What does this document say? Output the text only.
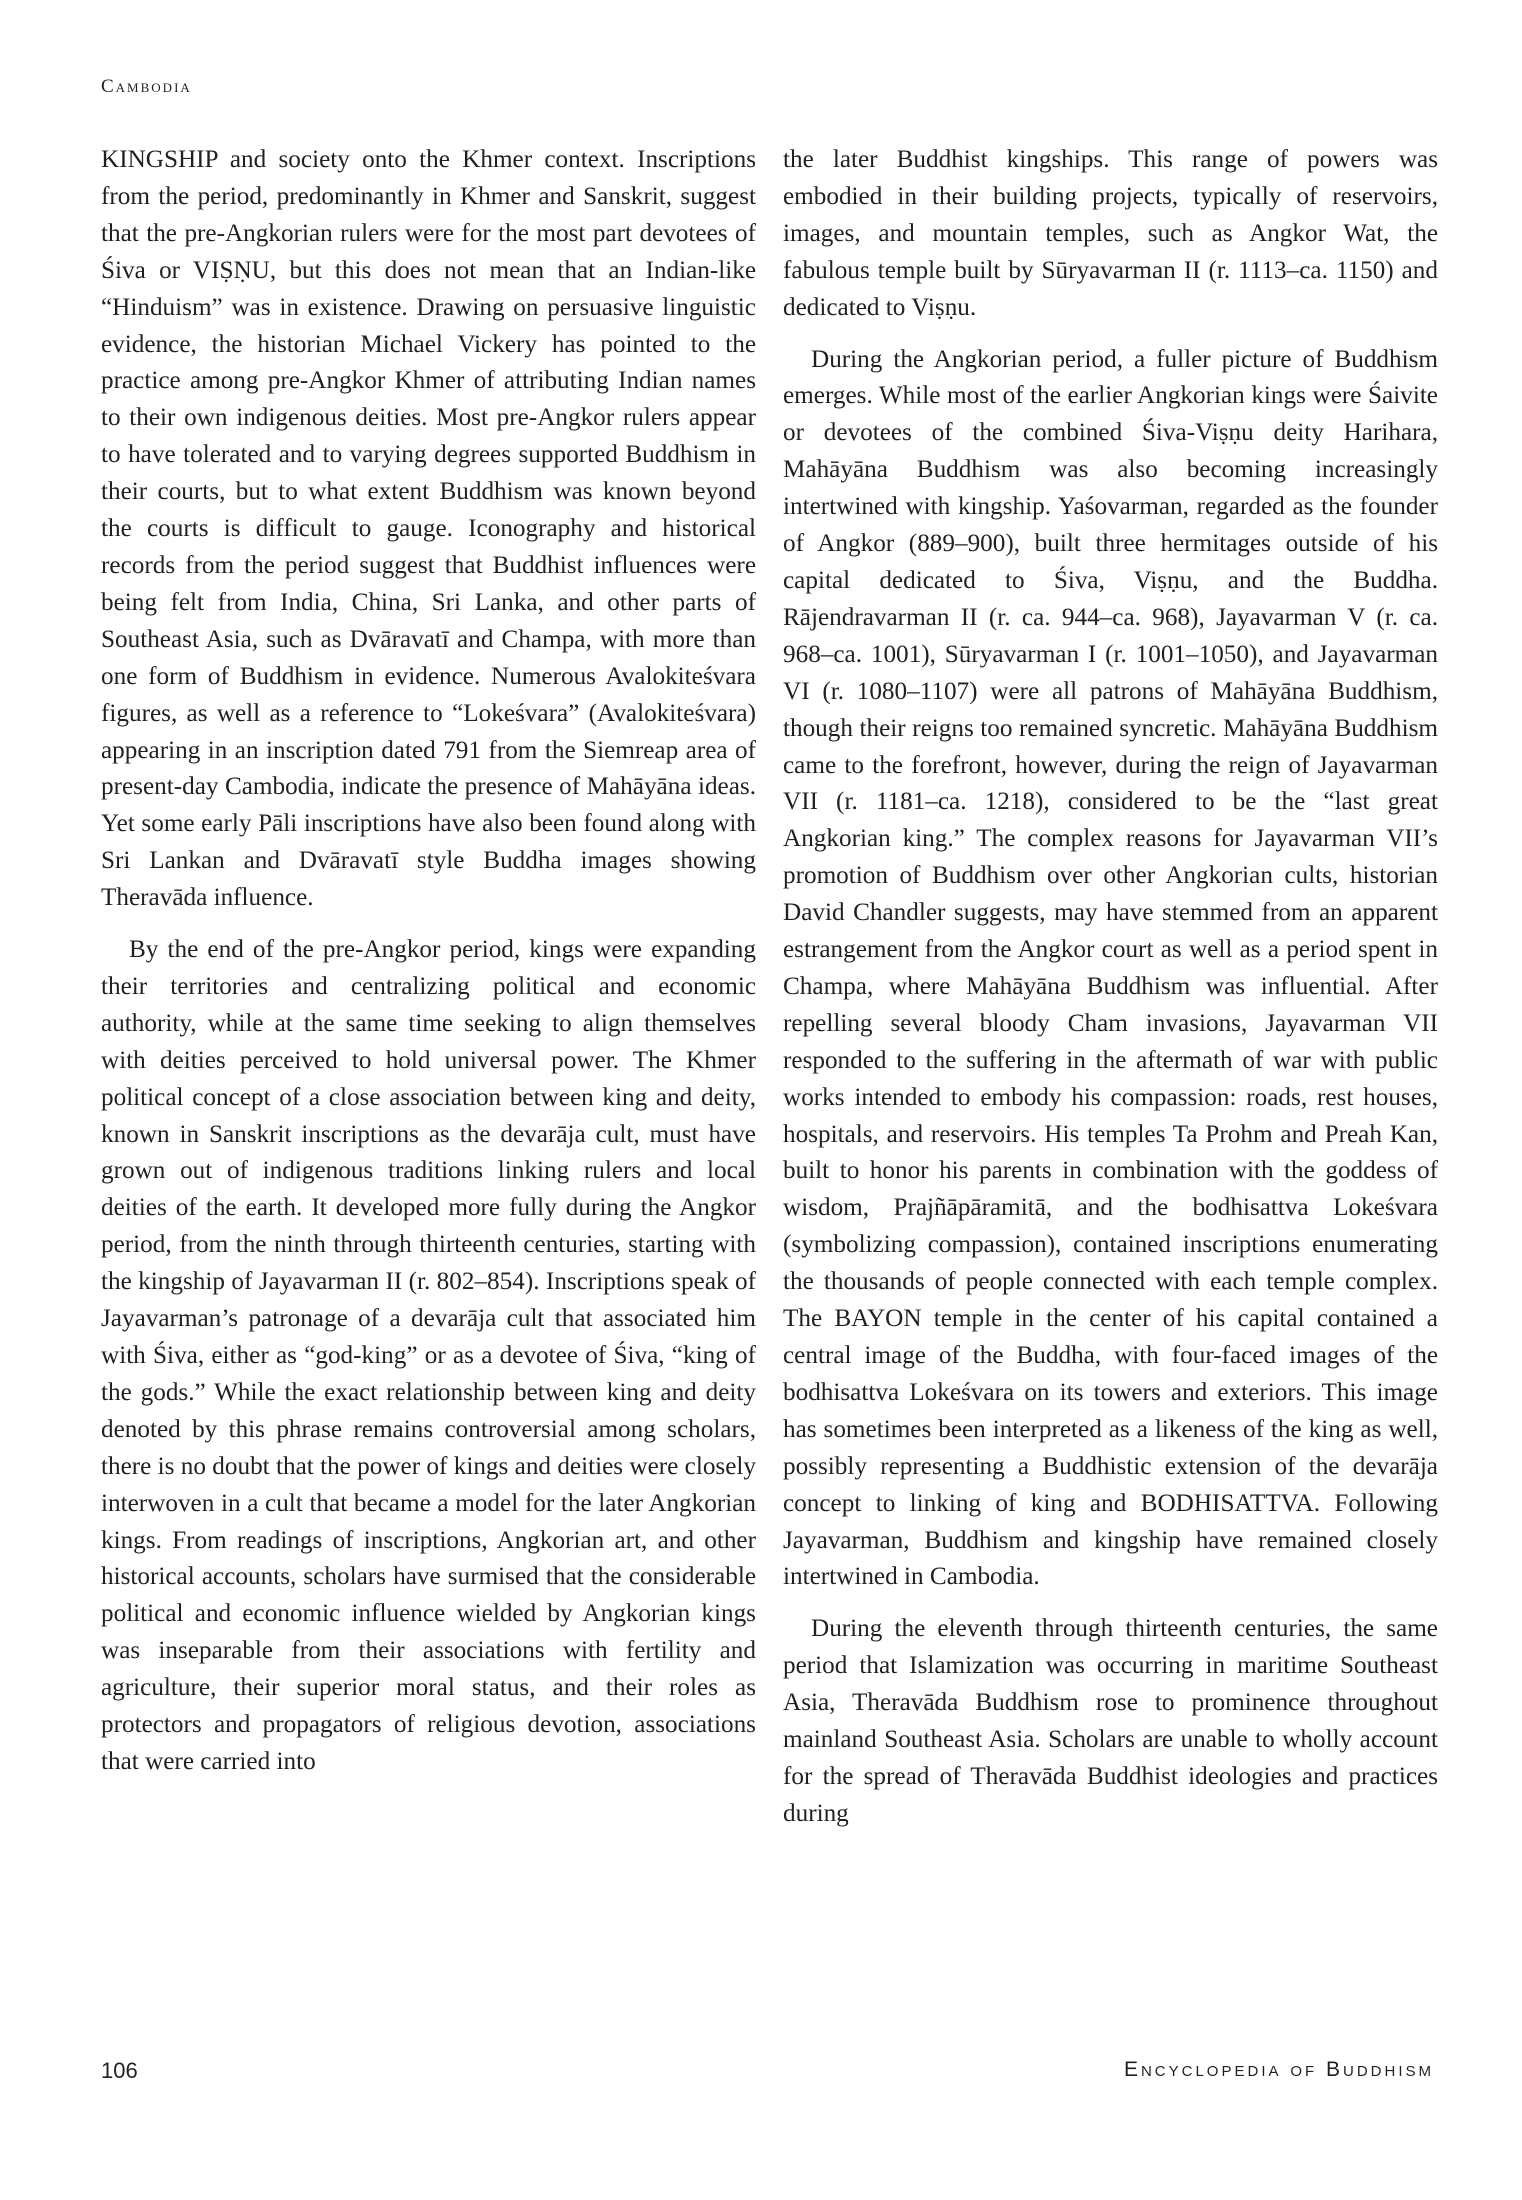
Cambodia

KINGSHIP and society onto the Khmer context. Inscriptions from the period, predominantly in Khmer and Sanskrit, suggest that the pre-Angkorian rulers were for the most part devotees of Śiva or VIṢṆU, but this does not mean that an Indian-like “Hinduism” was in existence. Drawing on persuasive linguistic evidence, the historian Michael Vickery has pointed to the practice among pre-Angkor Khmer of attributing Indian names to their own indigenous deities. Most pre-Angkor rulers appear to have tolerated and to varying degrees supported Buddhism in their courts, but to what extent Buddhism was known beyond the courts is difficult to gauge. Iconography and historical records from the period suggest that Buddhist influences were being felt from India, China, Sri Lanka, and other parts of Southeast Asia, such as Dvāravatī and Champa, with more than one form of Buddhism in evidence. Numerous Avalokiteśvara figures, as well as a reference to “Lokeśvara” (Avalokiteśvara) appearing in an inscription dated 791 from the Siemreap area of present-day Cambodia, indicate the presence of Mahāyāna ideas. Yet some early Pāli inscriptions have also been found along with Sri Lankan and Dvāravatī style Buddha images showing Theravāda influence.

By the end of the pre-Angkor period, kings were expanding their territories and centralizing political and economic authority, while at the same time seeking to align themselves with deities perceived to hold universal power. The Khmer political concept of a close association between king and deity, known in Sanskrit inscriptions as the devarāja cult, must have grown out of indigenous traditions linking rulers and local deities of the earth. It developed more fully during the Angkor period, from the ninth through thirteenth centuries, starting with the kingship of Jayavarman II (r. 802–854). Inscriptions speak of Jayavarman’s patronage of a devarāja cult that associated him with Śiva, either as “god-king” or as a devotee of Śiva, “king of the gods.” While the exact relationship between king and deity denoted by this phrase remains controversial among scholars, there is no doubt that the power of kings and deities were closely interwoven in a cult that became a model for the later Angkorian kings. From readings of inscriptions, Angkorian art, and other historical accounts, scholars have surmised that the considerable political and economic influence wielded by Angkorian kings was inseparable from their associations with fertility and agriculture, their superior moral status, and their roles as protectors and propagators of religious devotion, associations that were carried into

the later Buddhist kingships. This range of powers was embodied in their building projects, typically of reservoirs, images, and mountain temples, such as Angkor Wat, the fabulous temple built by Sūryavarman II (r. 1113–ca. 1150) and dedicated to Viṣṇu.

During the Angkorian period, a fuller picture of Buddhism emerges. While most of the earlier Angkorian kings were Śaivite or devotees of the combined Śiva-Viṣṇu deity Harihara, Mahāyāna Buddhism was also becoming increasingly intertwined with kingship. Yaśovarman, regarded as the founder of Angkor (889–900), built three hermitages outside of his capital dedicated to Śiva, Viṣṇu, and the Buddha. Rājendravarman II (r. ca. 944–ca. 968), Jayavarman V (r. ca. 968–ca. 1001), Sūryavarman I (r. 1001–1050), and Jayavarman VI (r. 1080–1107) were all patrons of Mahāyāna Buddhism, though their reigns too remained syncretic. Mahāyāna Buddhism came to the forefront, however, during the reign of Jayavarman VII (r. 1181–ca. 1218), considered to be the “last great Angkorian king.” The complex reasons for Jayavarman VII’s promotion of Buddhism over other Angkorian cults, historian David Chandler suggests, may have stemmed from an apparent estrangement from the Angkor court as well as a period spent in Champa, where Mahāyāna Buddhism was influential. After repelling several bloody Cham invasions, Jayavarman VII responded to the suffering in the aftermath of war with public works intended to embody his compassion: roads, rest houses, hospitals, and reservoirs. His temples Ta Prohm and Preah Kan, built to honor his parents in combination with the goddess of wisdom, Prajñāpāramitā, and the bodhisattva Lokeśvara (symbolizing compassion), contained inscriptions enumerating the thousands of people connected with each temple complex. The BAYON temple in the center of his capital contained a central image of the Buddha, with four-faced images of the bodhisattva Lokeśvara on its towers and exteriors. This image has sometimes been interpreted as a likeness of the king as well, possibly representing a Buddhistic extension of the devarāja concept to linking of king and BODHISATTVA. Following Jayavarman, Buddhism and kingship have remained closely intertwined in Cambodia.

During the eleventh through thirteenth centuries, the same period that Islamization was occurring in maritime Southeast Asia, Theravāda Buddhism rose to prominence throughout mainland Southeast Asia. Scholars are unable to wholly account for the spread of Theravāda Buddhist ideologies and practices during

106	Encyclopedia of Buddhism
